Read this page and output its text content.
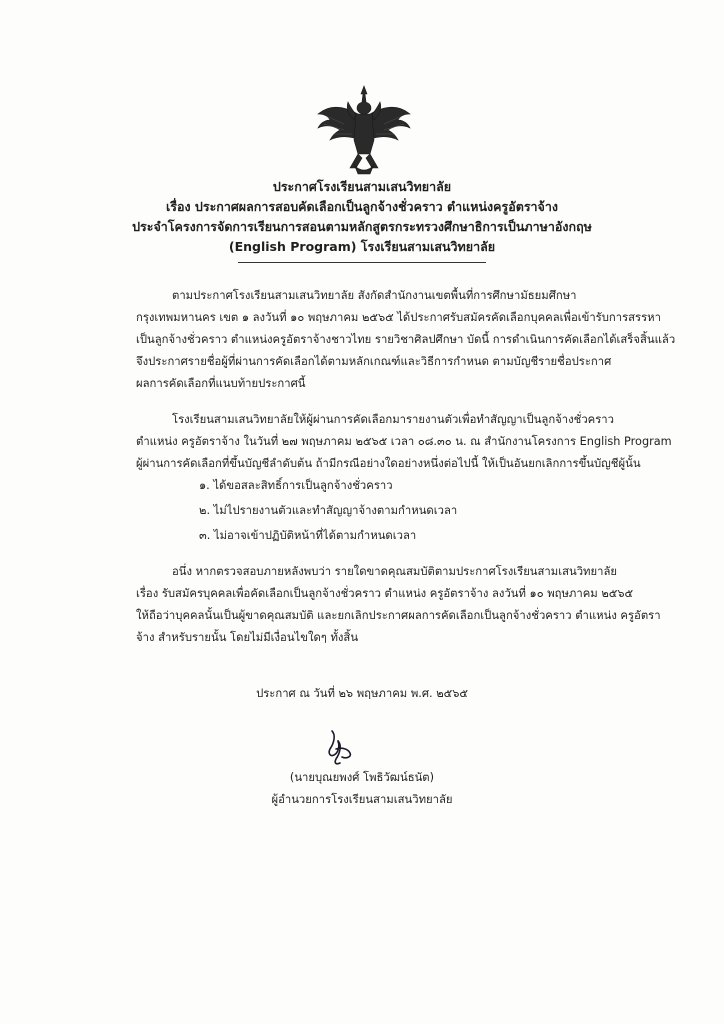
ประกาศโรงเรียนสามเสนวิทยาลัย
เรื่อง ประกาศผลการสอบคัดเลือกเป็นลูกจ้างชั่วคราว ตำแหน่งครูอัตราจ้าง
ประจำโครงการจัดการเรียนการสอนตามหลักสูตรกระทรวงศึกษาธิการเป็นภาษาอังกฤษ
(English Program) โรงเรียนสามเสนวิทยาลัย
ตามประกาศโรงเรียนสามเสนวิทยาลัย สังกัดสำนักงานเขตพื้นที่การศึกษามัธยมศึกษา
กรุงเทพมหานคร เขต ๑ ลงวันที่ ๑๐ พฤษภาคม ๒๕๖๕ ได้ประกาศรับสมัครคัดเลือกบุคคลเพื่อเข้ารับการสรรหา
เป็นลูกจ้างชั่วคราว ตำแหน่งครูอัตราจ้างชาวไทย รายวิชาศิลปศึกษา บัดนี้ การดำเนินการคัดเลือกได้เสร็จสิ้นแล้ว
จึงประกาศรายชื่อผู้ที่ผ่านการคัดเลือกได้ตามหลักเกณฑ์และวิธีการกำหนด ตามบัญชีรายชื่อประกาศ
ผลการคัดเลือกที่แนบท้ายประกาศนี้
โรงเรียนสามเสนวิทยาลัยให้ผู้ผ่านการคัดเลือกมารายงานตัวเพื่อทำสัญญาเป็นลูกจ้างชั่วคราว
ตำแหน่ง ครูอัตราจ้าง ในวันที่ ๒๗ พฤษภาคม ๒๕๖๕ เวลา ๐๘.๓๐ น. ณ สำนักงานโครงการ English Program
ผู้ผ่านการคัดเลือกที่ขึ้นบัญชีลำดับต้น ถ้ามีกรณีอย่างใดอย่างหนึ่งต่อไปนี้ ให้เป็นอันยกเลิกการขึ้นบัญชีผู้นั้น
๑. ได้ขอสละสิทธิ์การเป็นลูกจ้างชั่วคราว
๒. ไม่ไปรายงานตัวและทำสัญญาจ้างตามกำหนดเวลา
๓. ไม่อาจเข้าปฏิบัติหน้าที่ได้ตามกำหนดเวลา
อนึ่ง หากตรวจสอบภายหลังพบว่า รายใดขาดคุณสมบัติตามประกาศโรงเรียนสามเสนวิทยาลัย
เรื่อง รับสมัครบุคคลเพื่อคัดเลือกเป็นลูกจ้างชั่วคราว ตำแหน่ง ครูอัตราจ้าง ลงวันที่ ๑๐ พฤษภาคม ๒๕๖๕
ให้ถือว่าบุคคลนั้นเป็นผู้ขาดคุณสมบัติ และยกเลิกประกาศผลการคัดเลือกเป็นลูกจ้างชั่วคราว ตำแหน่ง ครูอัตรา
จ้าง สำหรับรายนั้น โดยไม่มีเงื่อนไขใดๆ ทั้งสิ้น
ประกาศ ณ วันที่ ๒๖ พฤษภาคม พ.ศ. ๒๕๖๕
(นายบุณยพงศ์ โพธิวัฒน์ธนัต)
ผู้อำนวยการโรงเรียนสามเสนวิทยาลัย
